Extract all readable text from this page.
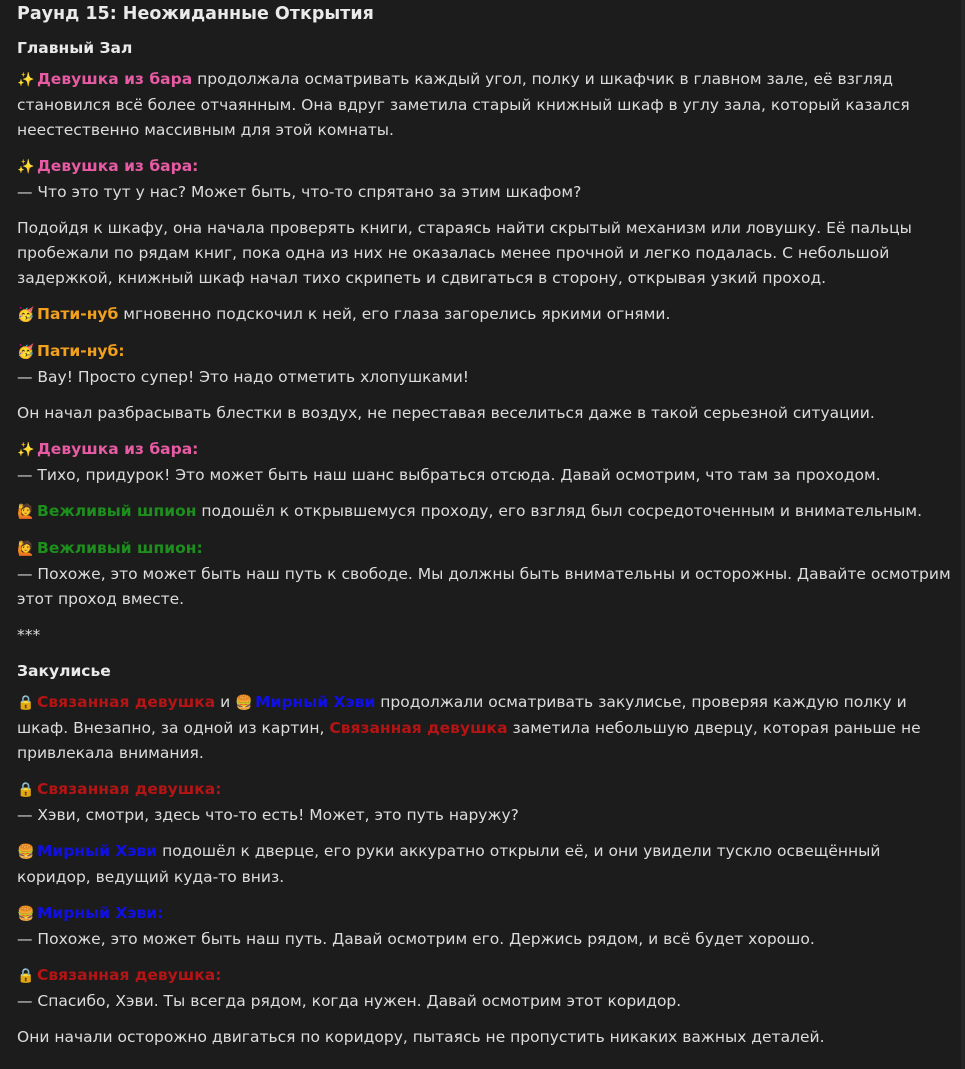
Раунд 15: Неожиданные Открытия
Главный Зал

✨ Девушка из бара продолжала осматривать каждый угол, полку и шкафчик в главном зале, её взгляд

становился всё более отчаянным. Она вдруг заметила старый книжный шкаф в углу зала, который казался

неестественно массивным для этой комнаты.

✨ Девушка из бара:

— Что это тут у нас? Может быть, что-то спрятано за этим шкафом?

Подойдя к шкафу, она начала проверять книги, стараясь найти скрытый механизм или ловушку. Её пальцы

пробежали по рядам книг, пока одна из них не оказалась менее прочной и легко подалась. С небольшой

задержкой, книжный шкаф начал тихо скрипеть и сдвигаться в сторону, открывая узкий проход.

🥳 Пати-нуб мгновенно подскочил к ней, его глаза загорелись яркими огнями.

🥳 Пати-нуб:

— Вау! Просто супер! Это надо отметить хлопушками!

Он начал разбрасывать блестки в воздух, не переставая веселиться даже в такой серьезной ситуации.

✨ Девушка из бара:

— Тихо, придурок! Это может быть наш шанс выбраться отсюда. Давай осмотрим, что там за проходом.

🙋 Вежливый шпион подошёл к открывшемуся проходу, его взгляд был сосредоточенным и внимательным.

🙋 Вежливый шпион:

— Похоже, это может быть наш путь к свободе. Мы должны быть внимательны и осторожны. Давайте осмотрим

этот проход вместе.

***

Закулисье

🔒 Связанная девушка и 🍔 Мирный Хэви продолжали осматривать закулисье, проверяя каждую полку и

шкаф. Внезапно, за одной из картин, Связанная девушка заметила небольшую дверцу, которая раньше не

привлекала внимания.

🔒 Связанная девушка:

— Хэви, смотри, здесь что-то есть! Может, это путь наружу?

🍔 Мирный Хэви подошёл к дверце, его руки аккуратно открыли её, и они увидели тускло освещённый

коридор, ведущий куда-то вниз.

🍔 Мирный Хэви:

— Похоже, это может быть наш путь. Давай осмотрим его. Держись рядом, и всё будет хорошо.

🔒 Связанная девушка:

— Спасибо, Хэви. Ты всегда рядом, когда нужен. Давай осмотрим этот коридор.

Они начали осторожно двигаться по коридору, пытаясь не пропустить никаких важных деталей.
